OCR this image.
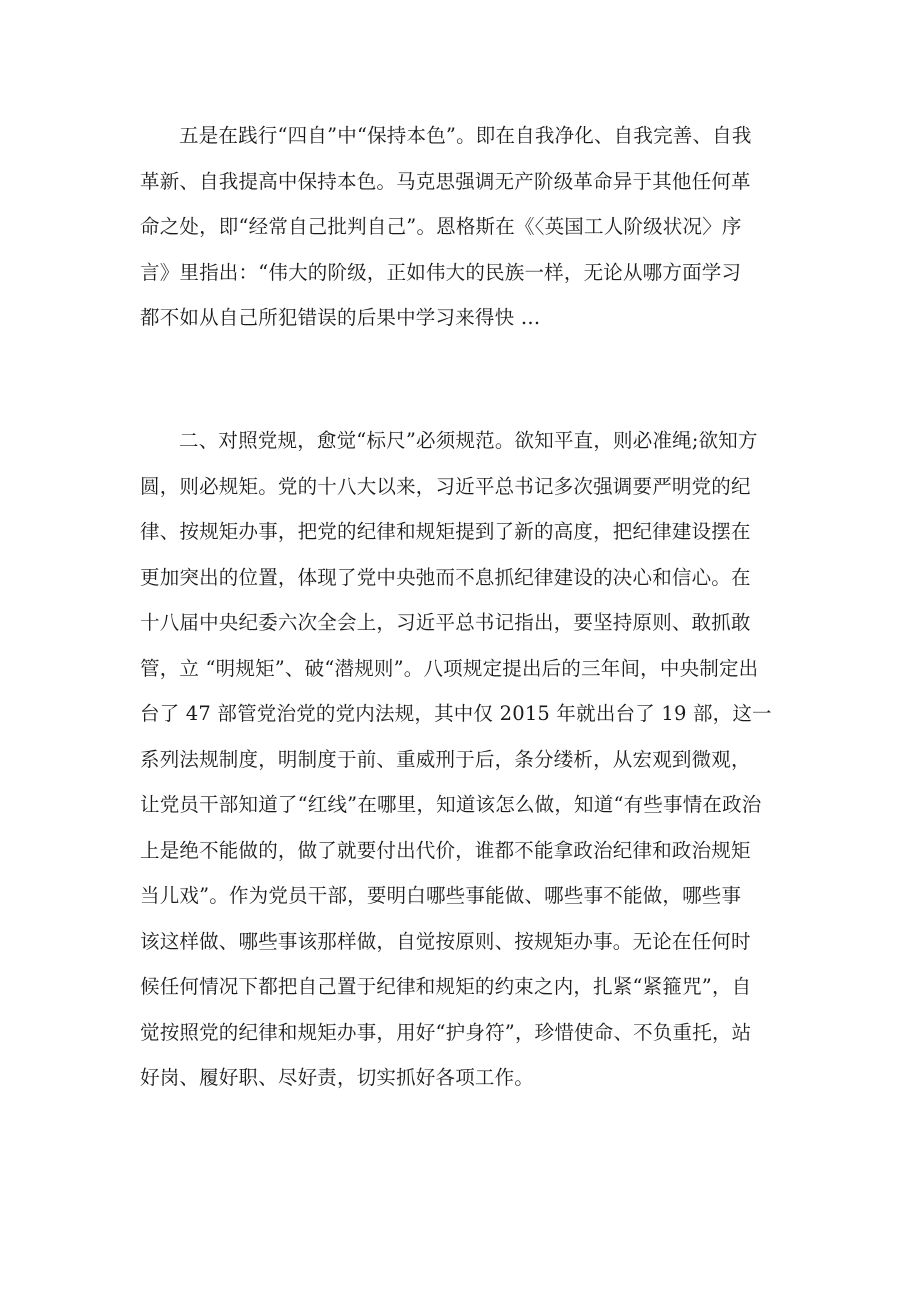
五是在践行“四自”中“保持本色”。即在自我净化、自我完善、自我
革新、自我提高中保持本色。马克思强调无产阶级革命异于其他任何革
命之处，即“经常自己批判自己”。恩格斯在《〈英国工人阶级状况〉序
言》里指出：“伟大的阶级，正如伟大的民族一样，无论从哪方面学习
都不如从自己所犯错误的后果中学习来得快 …
二、对照党规，愈觉“标尺”必须规范。欲知平直，则必准绳;欲知方
圆，则必规矩。党的十八大以来，习近平总书记多次强调要严明党的纪
律、按规矩办事，把党的纪律和规矩提到了新的高度，把纪律建设摆在
更加突出的位置，体现了党中央弛而不息抓纪律建设的决心和信心。在
十八届中央纪委六次全会上，习近平总书记指出，要坚持原则、敢抓敢
管，立 “明规矩”、破“潜规则”。八项规定提出后的三年间，中央制定出
台了 47 部管党治党的党内法规，其中仅 2015 年就出台了 19 部，这一
系列法规制度，明制度于前、重威刑于后，条分缕析，从宏观到微观，
让党员干部知道了“红线”在哪里，知道该怎么做，知道“有些事情在政治
上是绝不能做的，做了就要付出代价，谁都不能拿政治纪律和政治规矩
当儿戏”。作为党员干部，要明白哪些事能做、哪些事不能做，哪些事
该这样做、哪些事该那样做，自觉按原则、按规矩办事。无论在任何时
候任何情况下都把自己置于纪律和规矩的约束之内，扎紧“紧箍咒”，自
觉按照党的纪律和规矩办事，用好“护身符”，珍惜使命、不负重托，站
好岗、履好职、尽好责，切实抓好各项工作。
